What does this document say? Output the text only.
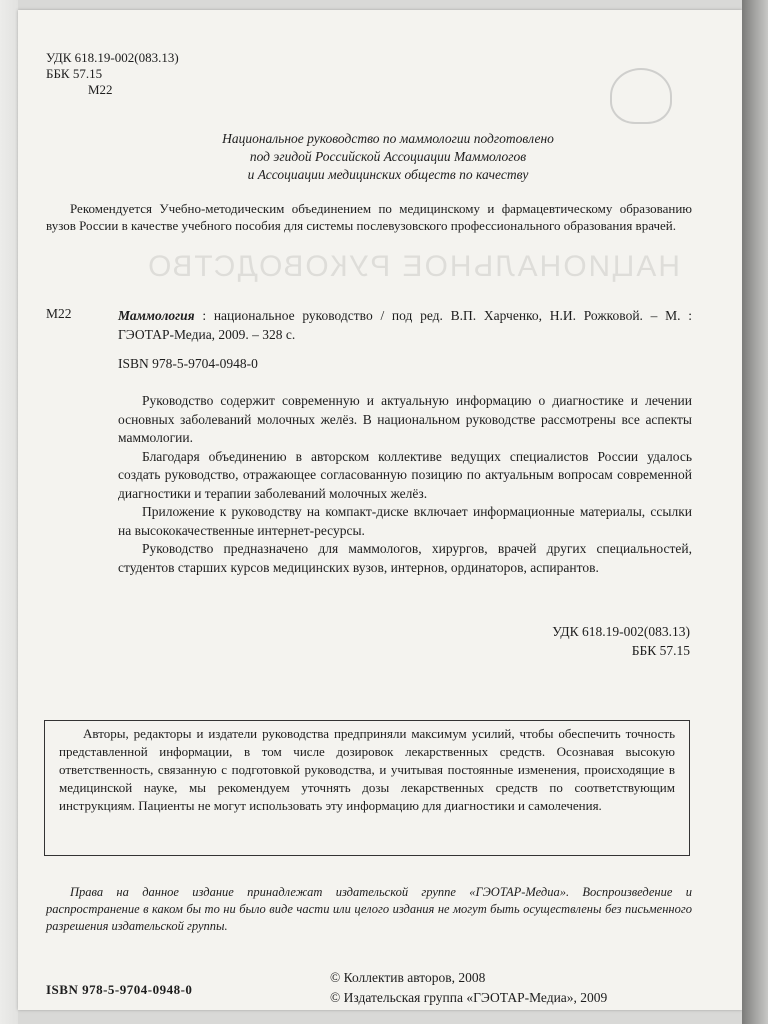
УДК 618.19-002(083.13)
ББК 57.15
М22
Национальное руководство по маммологии подготовлено
под эгидой Российской Ассоциации Маммологов
и Ассоциации медицинских обществ по качеству
Рекомендуется Учебно-методическим объединением по медицинскому и фармацевтическому образованию вузов России в качестве учебного пособия для системы послевузовского профессионального образования врачей.
НАЦИОНАЛЬНОЕ РУКОВОДСТВО
М22	Маммология : национальное руководство / под ред. В.П. Харченко, Н.И. Рожковой. – М. : ГЭОТАР-Медиа, 2009. – 328 с.
ISBN 978-5-9704-0948-0

Руководство содержит современную и актуальную информацию о диагностике и лечении основных заболеваний молочных желёз. В национальном руководстве рассмотрены все аспекты маммологии.

Благодаря объединению в авторском коллективе ведущих специалистов России удалось создать руководство, отражающее согласованную позицию по актуальным вопросам современной диагностики и терапии заболеваний молочных желёз.

Приложение к руководству на компакт-диске включает информационные материалы, ссылки на высококачественные интернет-ресурсы.

Руководство предназначено для маммологов, хирургов, врачей других специальностей, студентов старших курсов медицинских вузов, интернов, ординаторов, аспирантов.

УДК 618.19-002(083.13)
ББК 57.15

Авторы, редакторы и издатели руководства предприняли максимум усилий, чтобы обеспечить точность представленной информации, в том числе дозировок лекарственных средств. Осознавая высокую ответственность, связанную с подготовкой руководства, и учитывая постоянные изменения, происходящие в медицинской науке, мы рекомендуем уточнять дозы лекарственных средств по соответствующим инструкциям. Пациенты не могут использовать эту информацию для диагностики и самолечения.

Права на данное издание принадлежат издательской группе «ГЭОТАР-Медиа». Воспроизведение и распространение в каком бы то ни было виде части или целого издания не могут быть осуществлены без письменного разрешения издательской группы.
ISBN 978-5-9704-0948-0
© Коллектив авторов, 2008
© Издательская группа «ГЭОТАР-Медиа», 2009
